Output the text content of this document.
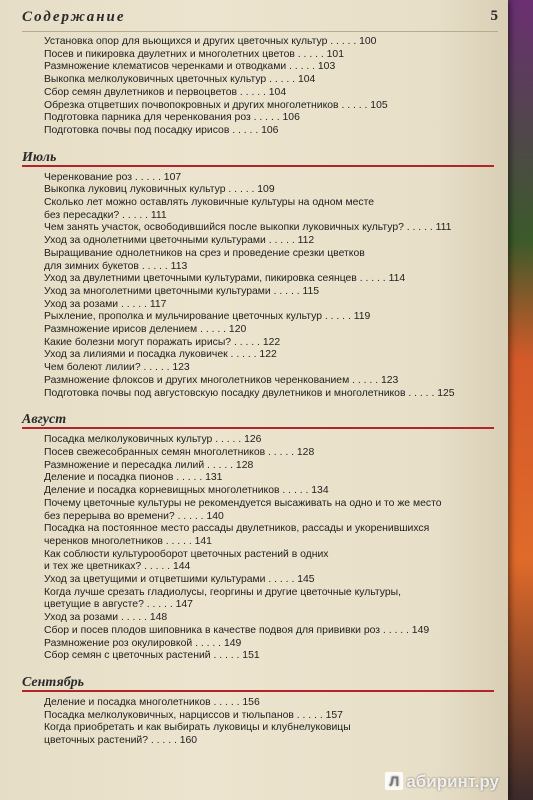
Содержание	5
Установка опор для вьющихся и других цветочных культур . . . . . 100
Посев и пикировка двулетних и многолетних цветов . . . . . 101
Размножение клематисов черенками и отводками . . . . . 103
Выкопка мелколуковичных цветочных культур . . . . . 104
Сбор семян двулетников и первоцветов . . . . . 104
Обрезка отцветших почвопокровных и других многолетников . . . . . 105
Подготовка парника для черенкования роз . . . . . 106
Подготовка почвы под посадку ирисов . . . . . 106
Июль
Черенкование роз . . . . . 107
Выкопка луковиц луковичных культур . . . . . 109
Сколько лет можно оставлять луковичные культуры на одном месте
без пересадки? . . . . . 111
Чем занять участок, освободившийся после выкопки луковичных культур? . . . . . 111
Уход за однолетними цветочными культурами . . . . . 112
Выращивание однолетников на срез и проведение срезки цветков
для зимних букетов . . . . . 113
Уход за двулетними цветочными культурами, пикировка сеянцев . . . . . 114
Уход за многолетними цветочными культурами . . . . . 115
Уход за розами . . . . . 117
Рыхление, прополка и мульчирование цветочных культур . . . . . 119
Размножение ирисов делением . . . . . 120
Какие болезни могут поражать ирисы? . . . . . 122
Уход за лилиями и посадка луковичек . . . . . 122
Чем болеют лилии? . . . . . 123
Размножение флоксов и других многолетников черенкованием . . . . . 123
Подготовка почвы под августовскую посадку двулетников и многолетников . . . . . 125
Август
Посадка мелколуковичных культур . . . . . 126
Посев свежесобранных семян многолетников . . . . . 128
Размножение и пересадка лилий . . . . . 128
Деление и посадка пионов . . . . . 131
Деление и посадка корневищных многолетников . . . . . 134
Почему цветочные культуры не рекомендуется высаживать на одно и то же место
без перерыва во времени? . . . . . 140
Посадка на постоянное место рассады двулетников, рассады и укоренившихся
черенков многолетников . . . . . 141
Как соблюсти культурооборот цветочных растений в одних
и тех же цветниках? . . . . . 144
Уход за цветущими и отцветшими культурами . . . . . 145
Когда лучше срезать гладиолусы, георгины и другие цветочные культуры,
цветущие в августе? . . . . . 147
Уход за розами . . . . . 148
Сбор и посев плодов шиповника в качестве подвоя для прививки роз . . . . . 149
Размножение роз окулировкой . . . . . 149
Сбор семян с цветочных растений . . . . . 151
Сентябрь
Деление и посадка многолетников . . . . . 156
Посадка мелколуковичных, нарциссов и тюльпанов . . . . . 157
Когда приобретать и как выбирать луковицы и клубнелуковицы
цветочных растений? . . . . . 160
Л абиринт.ру
